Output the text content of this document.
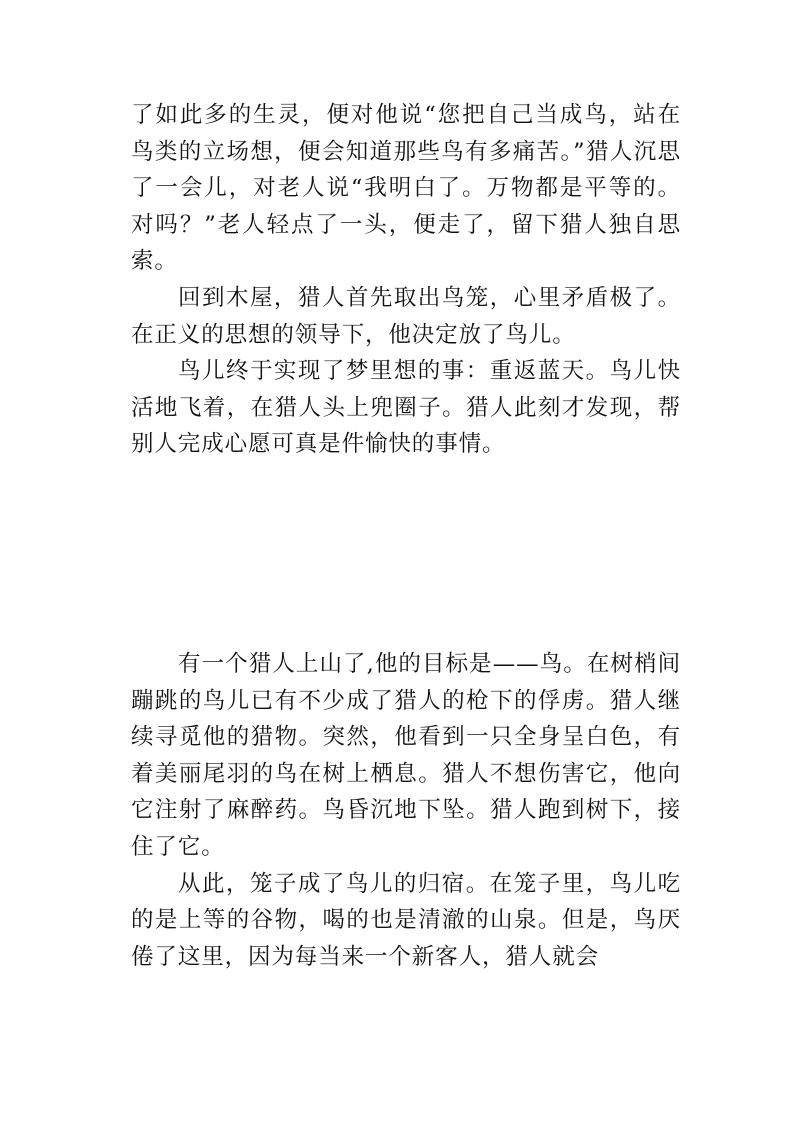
了如此多的生灵，便对他说“您把自己当成鸟，站在鸟类的立场想，便会知道那些鸟有多痛苦。”猎人沉思了一会儿，对老人说“我明白了。万物都是平等的。对吗？”老人轻点了一头，便走了，留下猎人独自思索。

回到木屋，猎人首先取出鸟笼，心里矛盾极了。在正义的思想的领导下，他决定放了鸟儿。

鸟儿终于实现了梦里想的事：重返蓝天。鸟儿快活地飞着，在猎人头上兜圈子。猎人此刻才发现，帮别人完成心愿可真是件愉快的事情。

有一个猎人上山了,他的目标是——鸟。在树梢间蹦跳的鸟儿已有不少成了猎人的枪下的俘虏。猎人继续寻觅他的猎物。突然，他看到一只全身呈白色，有着美丽尾羽的鸟在树上栖息。猎人不想伤害它，他向它注射了麻醉药。鸟昏沉地下坠。猎人跑到树下，接住了它。

从此，笼子成了鸟儿的归宿。在笼子里，鸟儿吃的是上等的谷物，喝的也是清澈的山泉。但是，鸟厌倦了这里，因为每当来一个新客人，猎人就会
